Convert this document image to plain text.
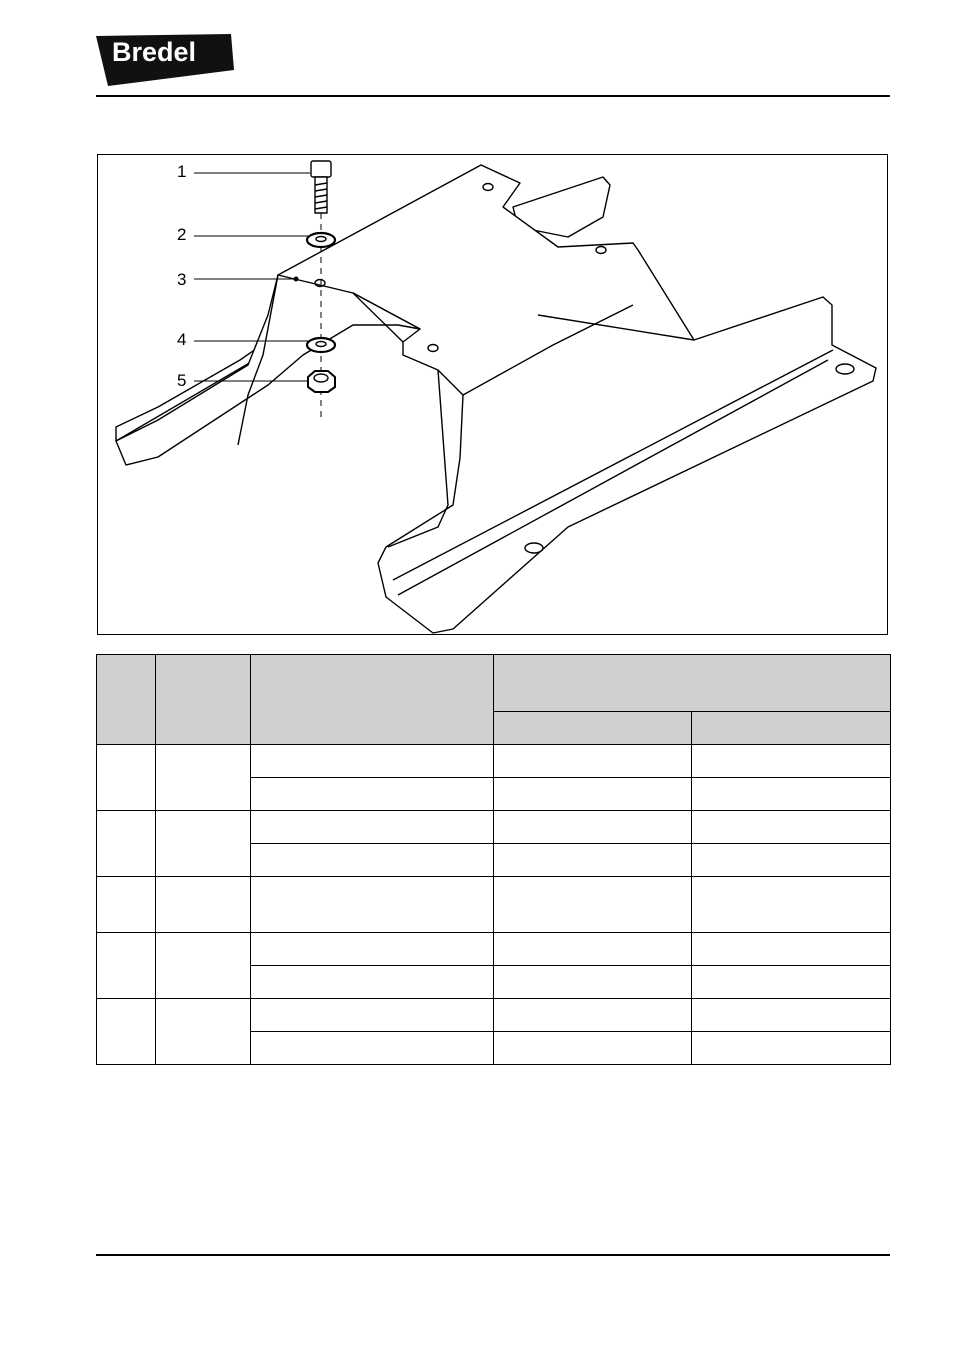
Bredel
1
2
3
4
5
